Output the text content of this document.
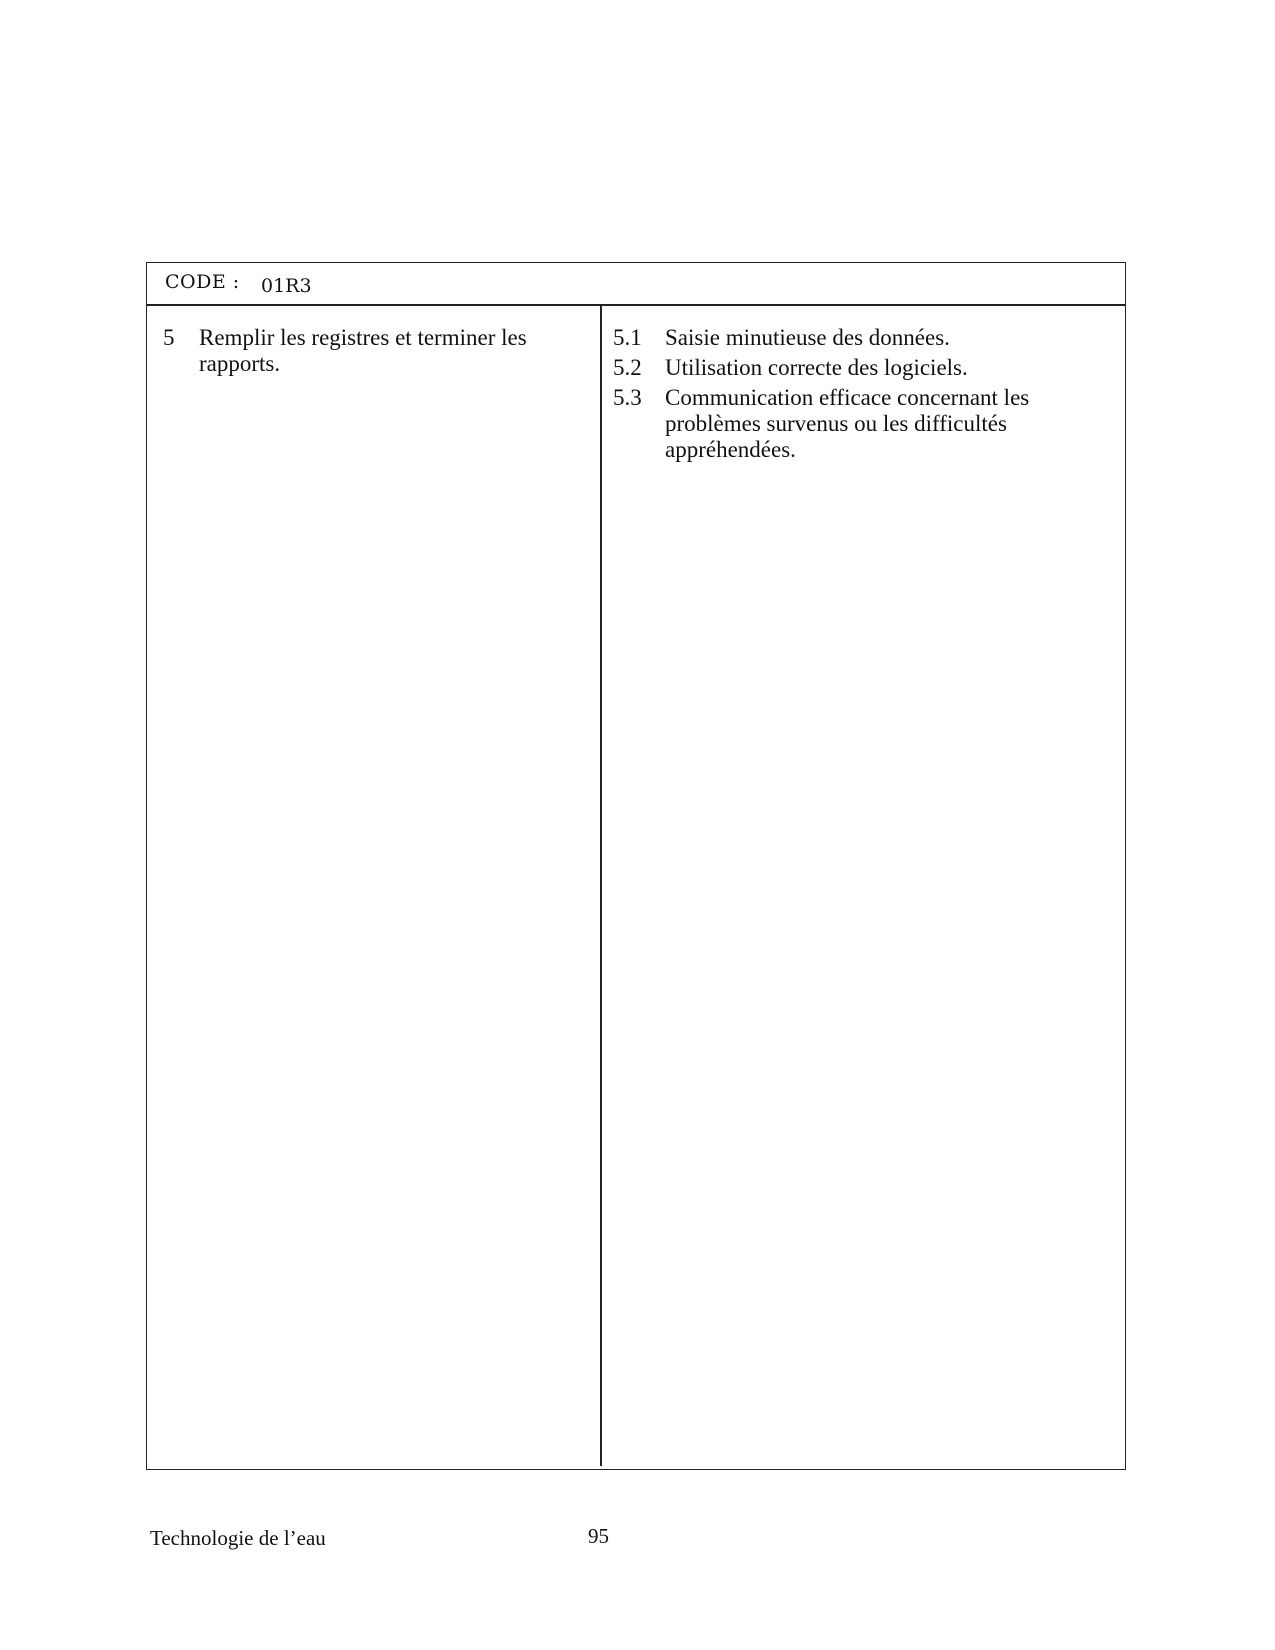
CODE : 01R3
5	Remplir les registres et terminer les rapports.
5.1	Saisie minutieuse des données.
5.2	Utilisation correcte des logiciels.
5.3	Communication efficace concernant les problèmes survenus ou les difficultés appréhendées.
Technologie de l’eau	95
